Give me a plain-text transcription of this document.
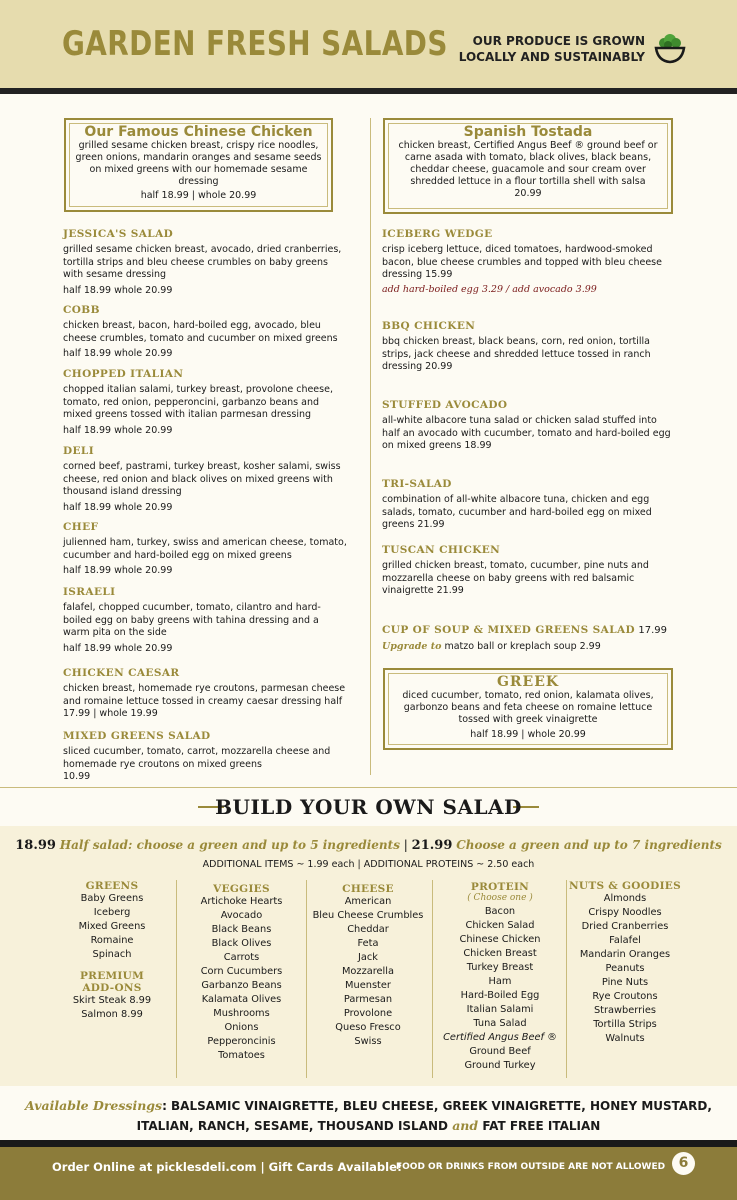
GARDEN FRESH SALADS	OUR PRODUCE IS GROWN
LOCALLY AND SUSTAINABLY
Our Famous Chinese Chicken
grilled sesame chicken breast, crispy rice noodles, green onions, mandarin oranges and sesame seeds on mixed greens with our homemade sesame dressing
half 18.99 | whole 20.99
Spanish Tostada
chicken breast, Certified Angus Beef ® ground beef or carne asada with tomato, black olives, black beans, cheddar cheese, guacamole and sour cream over shredded lettuce in a flour tortilla shell with salsa
20.99
JESSICA'S SALAD
grilled sesame chicken breast, avocado, dried cranberries, tortilla strips and bleu cheese crumbles on baby greens with sesame dressing
half 18.99 whole 20.99
COBB
chicken breast, bacon, hard-boiled egg, avocado, bleu cheese crumbles, tomato and cucumber on mixed greens
half 18.99 whole 20.99
CHOPPED ITALIAN
chopped italian salami, turkey breast, provolone cheese, tomato, red onion, pepperoncini, garbanzo beans and mixed greens tossed with italian parmesan dressing
half 18.99 whole 20.99
DELI
corned beef, pastrami, turkey breast, kosher salami, swiss cheese, red onion and black olives on mixed greens with thousand island dressing
half 18.99 whole 20.99
CHEF
julienned ham, turkey, swiss and american cheese, tomato, cucumber and hard-boiled egg on mixed greens
half 18.99 whole 20.99
ISRAELI
falafel, chopped cucumber, tomato, cilantro and hard-boiled egg on baby greens with tahina dressing and a warm pita on the side
half 18.99 whole 20.99
CHICKEN CAESAR
chicken breast, homemade rye croutons, parmesan cheese and romaine lettuce tossed in creamy caesar dressing half 17.99 | whole 19.99
MIXED GREENS SALAD
sliced cucumber, tomato, carrot, mozzarella cheese and homemade rye croutons on mixed greens
10.99
ICEBERG WEDGE
crisp iceberg lettuce, diced tomatoes, hardwood-smoked bacon, blue cheese crumbles and topped with bleu cheese dressing 15.99
add hard-boiled egg 3.29 / add avocado 3.99
BBQ CHICKEN
bbq chicken breast, black beans, corn, red onion, tortilla strips, jack cheese and shredded lettuce tossed in ranch dressing 20.99
STUFFED AVOCADO
all-white albacore tuna salad or chicken salad stuffed into half an avocado with cucumber, tomato and hard-boiled egg on mixed greens 18.99
TRI-SALAD
combination of all-white albacore tuna, chicken and egg salads, tomato, cucumber and hard-boiled egg on mixed greens 21.99
TUSCAN CHICKEN
grilled chicken breast, tomato, cucumber, pine nuts and mozzarella cheese on baby greens with red balsamic vinaigrette 21.99
CUP OF SOUP & MIXED GREENS SALAD 17.99
Upgrade to matzo ball or kreplach soup 2.99
GREEK
diced cucumber, tomato, red onion, kalamata olives, garbonzo beans and feta cheese on romaine lettuce tossed with greek vinaigrette
half 18.99 | whole 20.99
BUILD YOUR OWN SALAD
18.99 Half salad: choose a green and up to 5 ingredients | 21.99 Choose a green and up to 7 ingredients
ADDITIONAL ITEMS ~ 1.99 each | ADDITIONAL PROTEINS ~ 2.50 each
GREENS
Baby Greens
Iceberg
Mixed Greens
Romaine
Spinach
PREMIUM
ADD-ONS
Skirt Steak 8.99
Salmon 8.99
VEGGIES
Artichoke Hearts
Avocado
Black Beans
Black Olives
Carrots
Corn Cucumbers
Garbanzo Beans
Kalamata Olives
Mushrooms
Onions
Pepperoncinis
Tomatoes
CHEESE
American
Bleu Cheese Crumbles
Cheddar
Feta
Jack
Mozzarella
Muenster
Parmesan
Provolone
Queso Fresco
Swiss
PROTEIN
( Choose one )
Bacon
Chicken Salad
Chinese Chicken
Chicken Breast
Turkey Breast
Ham
Hard-Boiled Egg
Italian Salami
Tuna Salad
Certified Angus Beef ®
Ground Beef
Ground Turkey
NUTS & GOODIES
Almonds
Crispy Noodles
Dried Cranberries
Falafel
Mandarin Oranges
Peanuts
Pine Nuts
Rye Croutons
Strawberries
Tortilla Strips
Walnuts
Available Dressings: BALSAMIC VINAIGRETTE, BLEU CHEESE, GREEK VINAIGRETTE, HONEY MUSTARD,
ITALIAN, RANCH, SESAME, THOUSAND ISLAND and FAT FREE ITALIAN
Order Online at picklesdeli.com | Gift Cards Available!
FOOD OR DRINKS FROM OUTSIDE ARE NOT ALLOWED 6
